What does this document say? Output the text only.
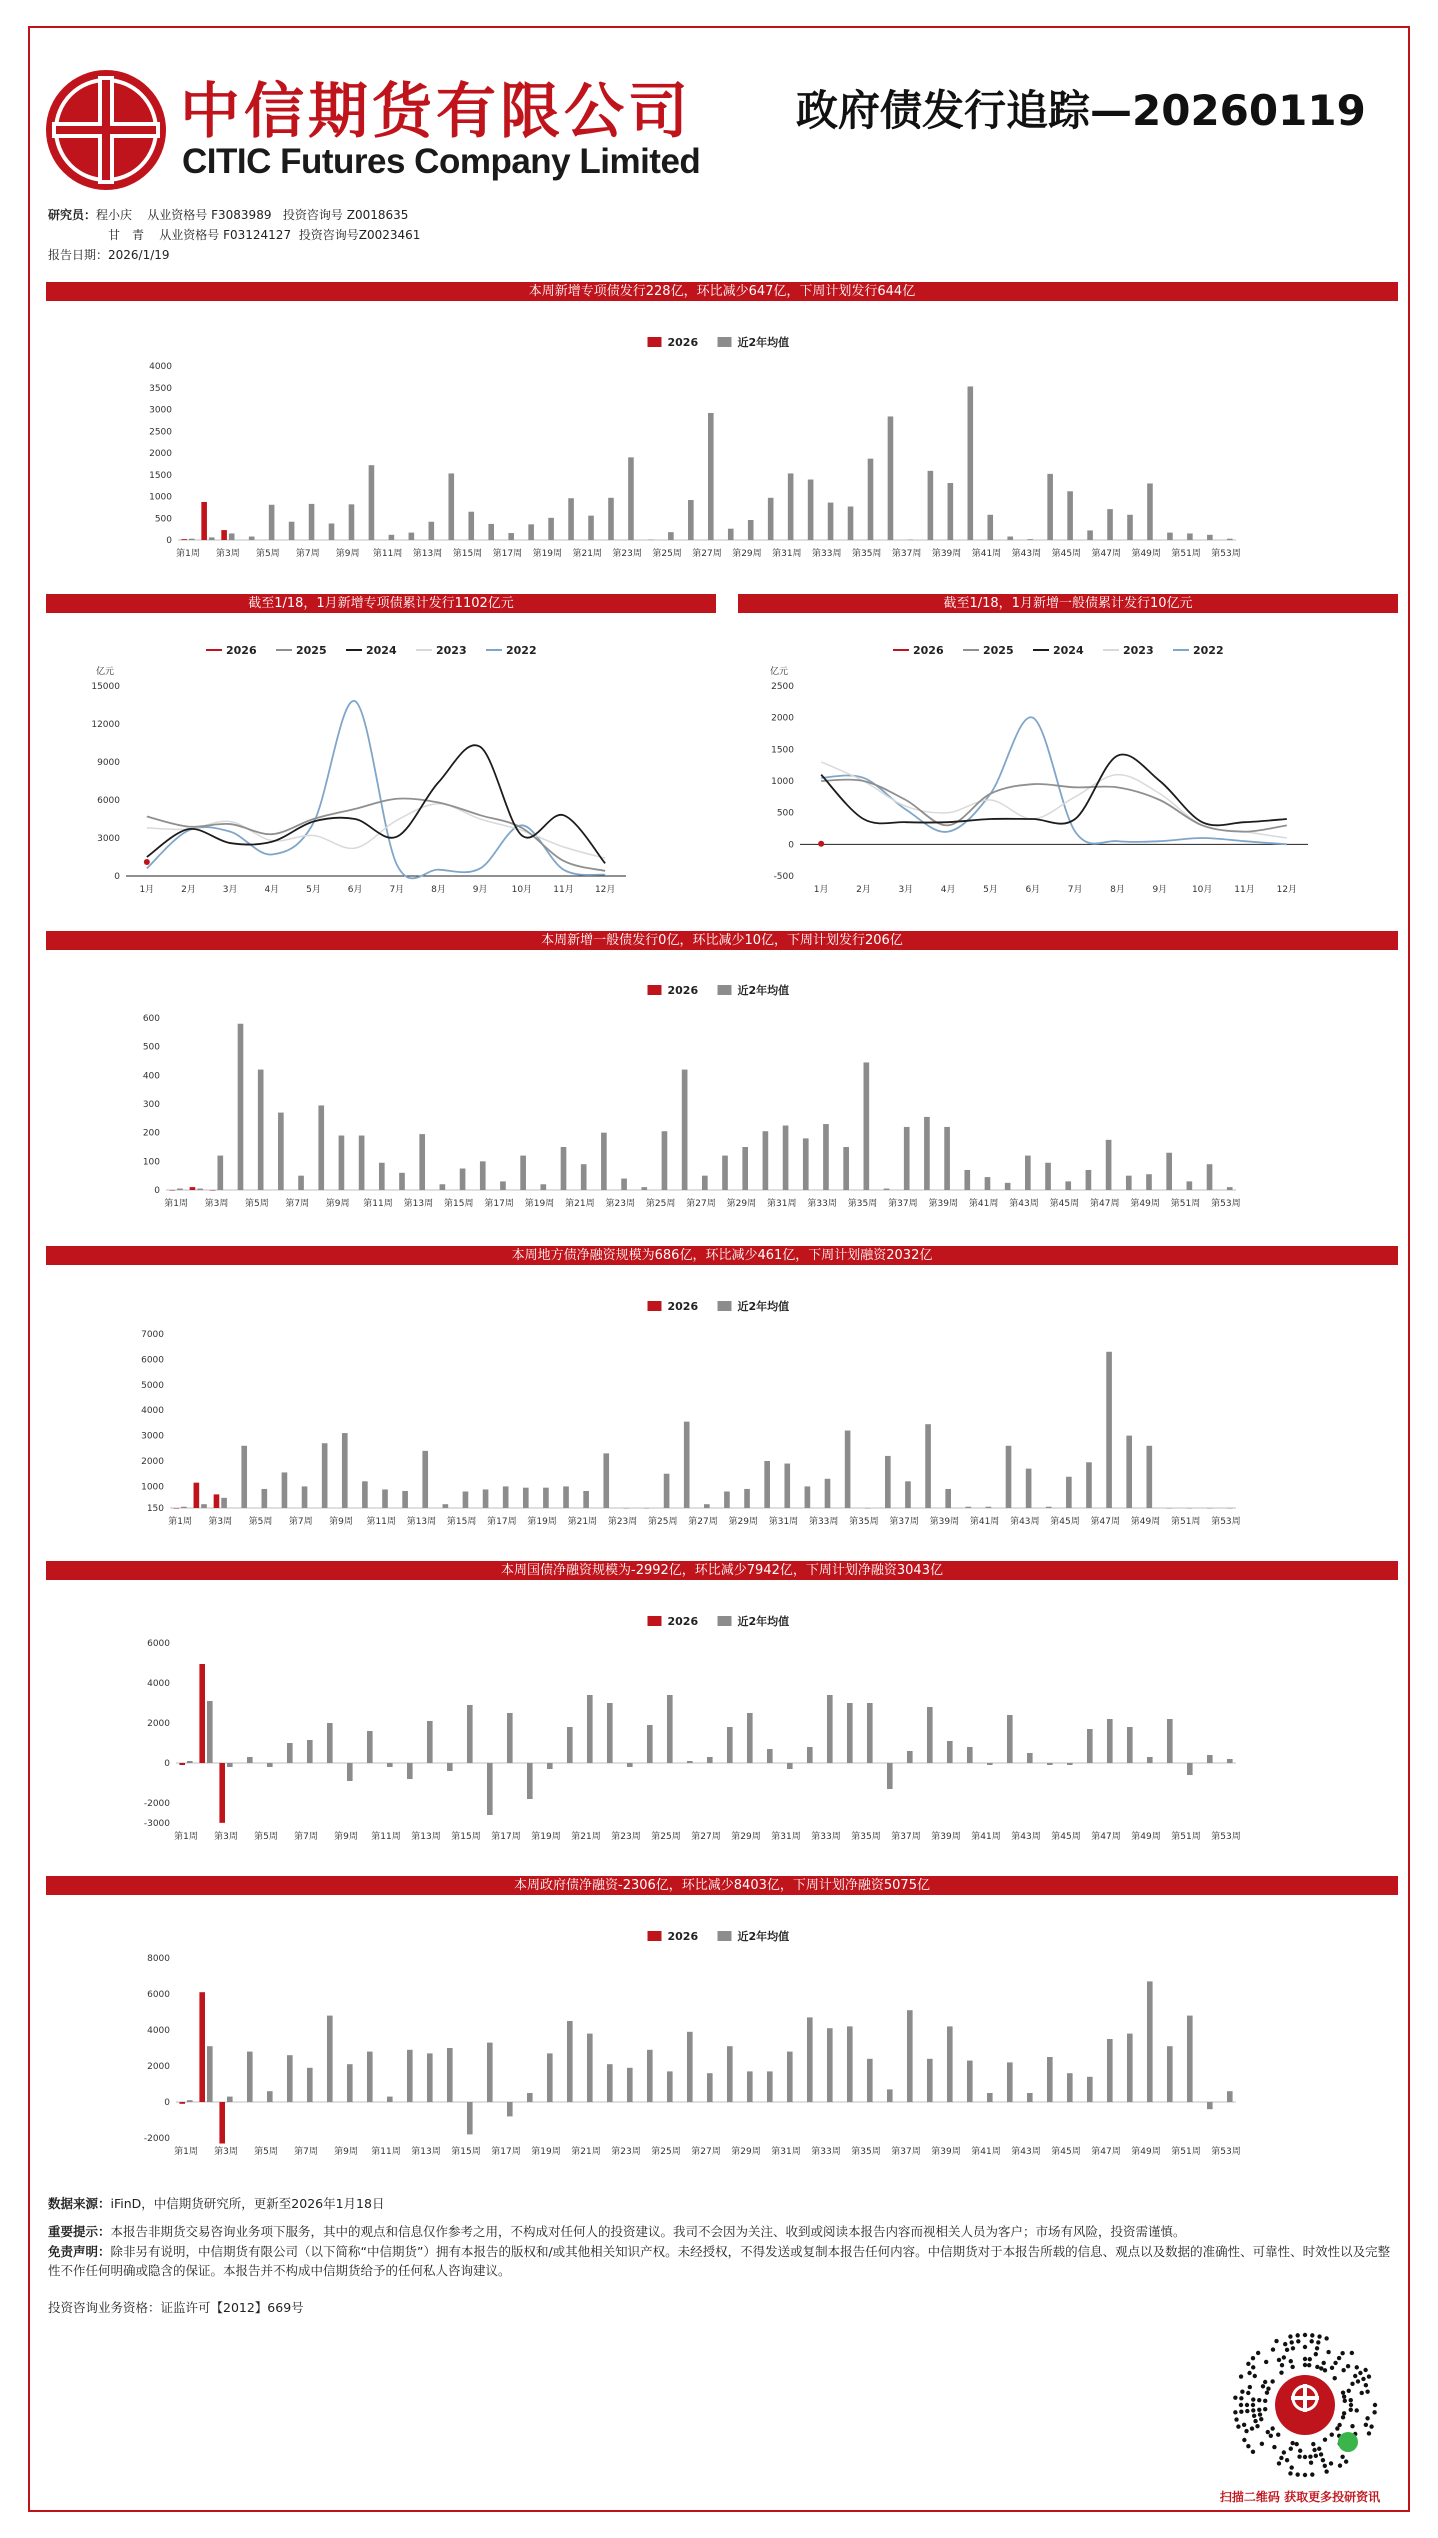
中信期货有限公司
CITIC Futures Company Limited
政府债发行追踪—20260119
研究员：程小庆 从业资格号 F3083989 投资咨询号 Z0018635
甘　青 从业资格号 F03124127 投资咨询号Z0023461
报告日期：2026/1/19
本周新增专项债发行228亿，环比减少647亿，下周计划发行644亿
截至1/18，1月新增专项债累计发行1102亿元	截至1/18，1月新增一般债累计发行10亿元
本周新增一般债发行0亿，环比减少10亿，下周计划发行206亿
本周地方债净融资规模为686亿，环比减少461亿，下周计划融资2032亿
本周国债净融资规模为-2992亿，环比减少7942亿，下周计划净融资3043亿
本周政府债净融资-2306亿，环比减少8403亿，下周计划净融资5075亿
2026	近2年均值
0
500
1000
1500
2000
2500
3000
3500
4000
第1周 第3周 第5周 第7周 第9周 第11周 第13周 第15周 第17周 第19周 第21周 第23周 第25周 第27周 第29周 第31周 第33周 第35周 第37周 第39周 第41周 第43周 第45周 第47周 第49周 第51周 第53周
2026	2025	2024	2023	2022
亿元
0
3000
6000
9000
12000
15000
1月	2月	3月	4月	5月	6月	7月	8月	9月	10月 11月 12月
2026	2025	2024	2023	2022
亿元
-500
0
500
1000
1500
2000
2500
1月	2月	3月	4月	5月	6月	7月	8月	9月	10月 11月 12月
2026	近2年均值
0
100
200
300
400
500
600
第1周 第3周 第5周 第7周 第9周 第11周 第13周 第15周 第17周 第19周 第21周 第23周 第25周 第27周 第29周 第31周 第33周 第35周 第37周 第39周 第41周 第43周 第45周 第47周 第49周 第51周 第53周
2026	近2年均值
150
1000
2000
3000
4000
5000
6000
7000
第1周 第3周 第5周 第7周 第9周 第11周 第13周 第15周 第17周 第19周 第21周 第23周 第25周 第27周 第29周 第31周 第33周 第35周 第37周 第39周 第41周 第43周 第45周 第47周 第49周 第51周 第53周
2026	近2年均值
-3000
-2000
0
2000
4000
6000
第1周 第3周 第5周 第7周 第9周 第11周 第13周 第15周 第17周 第19周 第21周 第23周 第25周 第27周 第29周 第31周 第33周 第35周 第37周 第39周 第41周 第43周 第45周 第47周 第49周 第51周 第53周
2026	近2年均值
-2000
0
2000
4000
6000
8000
第1周 第3周 第5周 第7周 第9周 第11周 第13周 第15周 第17周 第19周 第21周 第23周 第25周 第27周 第29周 第31周 第33周 第35周 第37周 第39周 第41周 第43周 第45周 第47周 第49周 第51周 第53周
数据来源：iFinD，中信期货研究所，更新至2026年1月18日
重要提示：本报告非期货交易咨询业务项下服务，其中的观点和信息仅作参考之用，不构成对任何人的投资建议。我司不会因为关注、收到或阅读本报告内容而视相关人员为客户；市场有风险，投资需谨慎。
免责声明：除非另有说明，中信期货有限公司（以下简称“中信期货”）拥有本报告的版权和/或其他相关知识产权。未经授权，不得发送或复制本报告任何内容。中信期货对于本报告所载的信息、观点以及数据的准确性、可靠性、时效性以及完整性不作任何明确或隐含的保证。本报告并不构成中信期货给予的任何私人咨询建议。
投资咨询业务资格：证监许可【2012】669号
扫描二维码 获取更多投研资讯
